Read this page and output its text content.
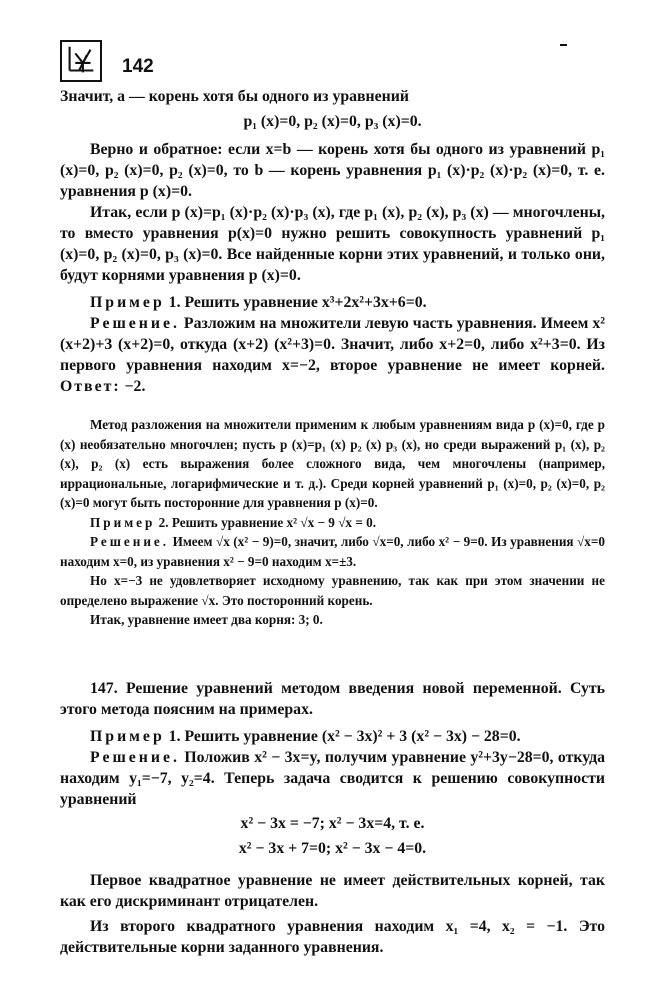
142

Значит, a — корень хотя бы одного из уравнений

p₁ (x)=0, p₂ (x)=0, p₃ (x)=0.

Верно и обратное: если x=b — корень хотя бы одного из уравнений p₁ (x)=0, p₂ (x)=0, p₂ (x)=0, то b — корень уравнения p₁ (x)·p₂ (x)·p₂ (x)=0, т. е. уравнения p (x)=0.

Итак, если p (x)=p₁ (x)·p₂ (x)·p₃ (x), где p₁ (x), p₂ (x), p₃ (x) — многочлены, то вместо уравнения p(x)=0 нужно решить совокупность уравнений p₁ (x)=0, p₂ (x)=0, p₃ (x)=0. Все найденные корни этих уравнений, и только они, будут корнями уравнения p (x)=0.

Пример 1. Решить уравнение x³+2x²+3x+6=0.

Решение. Разложим на множители левую часть уравнения. Имеем x² (x+2)+3 (x+2)=0, откуда (x+2) (x²+3)=0. Значит, либо x+2=0, либо x²+3=0. Из первого уравнения находим x=−2, второе уравнение не имеет корней. Ответ: −2.

Метод разложения на множители применим к любым уравнениям вида p (x)=0, где p (x) необязательно многочлен; пусть p (x)=p₁ (x) p₂ (x) p₃ (x), но среди выражений p₁ (x), p₂ (x), p₂ (x) есть выражения более сложного вида, чем многочлены (например, иррациональные, логарифмические и т. д.). Среди корней уравнений p₁ (x)=0, p₂ (x)=0, p₂ (x)=0 могут быть посторонние для уравнения p (x)=0.

Пример 2. Решить уравнение x² √x − 9 √x = 0.

Решение. Имеем √x (x² − 9)=0, значит, либо √x=0, либо x² − 9=0. Из уравнения √x=0 находим x=0, из уравнения x² − 9=0 находим x=±3.

Но x=−3 не удовлетворяет исходному уравнению, так как при этом значении не определено выражение √x. Это посторонний корень.

Итак, уравнение имеет два корня: 3; 0.

147. Решение уравнений методом введения новой переменной. Суть этого метода поясним на примерах.

Пример 1. Решить уравнение (x² − 3x)² + 3 (x² − 3x) − 28=0.

Решение. Положив x² − 3x=y, получим уравнение y²+3y−28=0, откуда находим y₁=−7, y₂=4. Теперь задача сводится к решению совокупности уравнений

x² − 3x = −7; x² − 3x=4, т. е.

x² − 3x + 7=0; x² − 3x − 4=0.

Первое квадратное уравнение не имеет действительных корней, так как его дискриминант отрицателен.

Из второго квадратного уравнения находим x₁ =4, x₂ = −1. Это действительные корни заданного уравнения.
